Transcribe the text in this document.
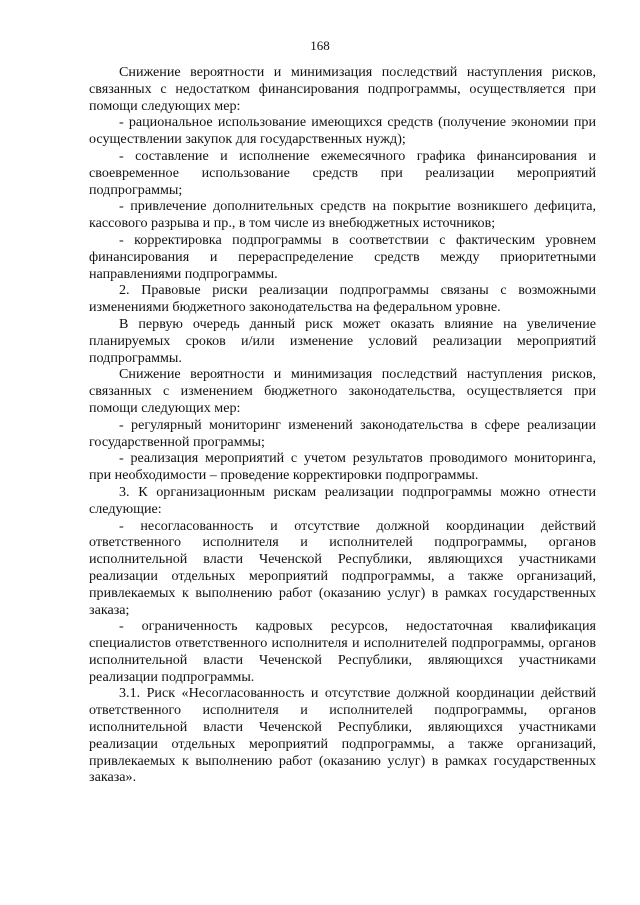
168

Снижение вероятности и минимизация последствий наступления рисков, связанных с недостатком финансирования подпрограммы, осуществляется при помощи следующих мер:

- рациональное использование имеющихся средств (получение экономии при осуществлении закупок для государственных нужд);

- составление и исполнение ежемесячного графика финансирования и своевременное использование средств при реализации мероприятий подпрограммы;

- привлечение дополнительных средств на покрытие возникшего дефицита, кассового разрыва и пр., в том числе из внебюджетных источников;

- корректировка подпрограммы в соответствии с фактическим уровнем финансирования и перераспределение средств между приоритетными направлениями подпрограммы.

2. Правовые риски реализации подпрограммы связаны с возможными изменениями бюджетного законодательства на федеральном уровне.

В первую очередь данный риск может оказать влияние на увеличение планируемых сроков и/или изменение условий реализации мероприятий подпрограммы.

Снижение вероятности и минимизация последствий наступления рисков, связанных с изменением бюджетного законодательства, осуществляется при помощи следующих мер:

- регулярный мониторинг изменений законодательства в сфере реализации государственной программы;

- реализация мероприятий с учетом результатов проводимого мониторинга, при необходимости – проведение корректировки подпрограммы.

3. К организационным рискам реализации подпрограммы можно отнести следующие:

- несогласованность и отсутствие должной координации действий ответственного исполнителя и исполнителей подпрограммы, органов исполнительной власти Чеченской Республики, являющихся участниками реализации отдельных мероприятий подпрограммы, а также организаций, привлекаемых к выполнению работ (оказанию услуг) в рамках государственных заказа;

- ограниченность кадровых ресурсов, недостаточная квалификация специалистов ответственного исполнителя и исполнителей подпрограммы, органов исполнительной власти Чеченской Республики, являющихся участниками реализации подпрограммы.

3.1. Риск «Несогласованность и отсутствие должной координации действий ответственного исполнителя и исполнителей подпрограммы, органов исполнительной власти Чеченской Республики, являющихся участниками реализации отдельных мероприятий подпрограммы, а также организаций, привлекаемых к выполнению работ (оказанию услуг) в рамках государственных заказа».
